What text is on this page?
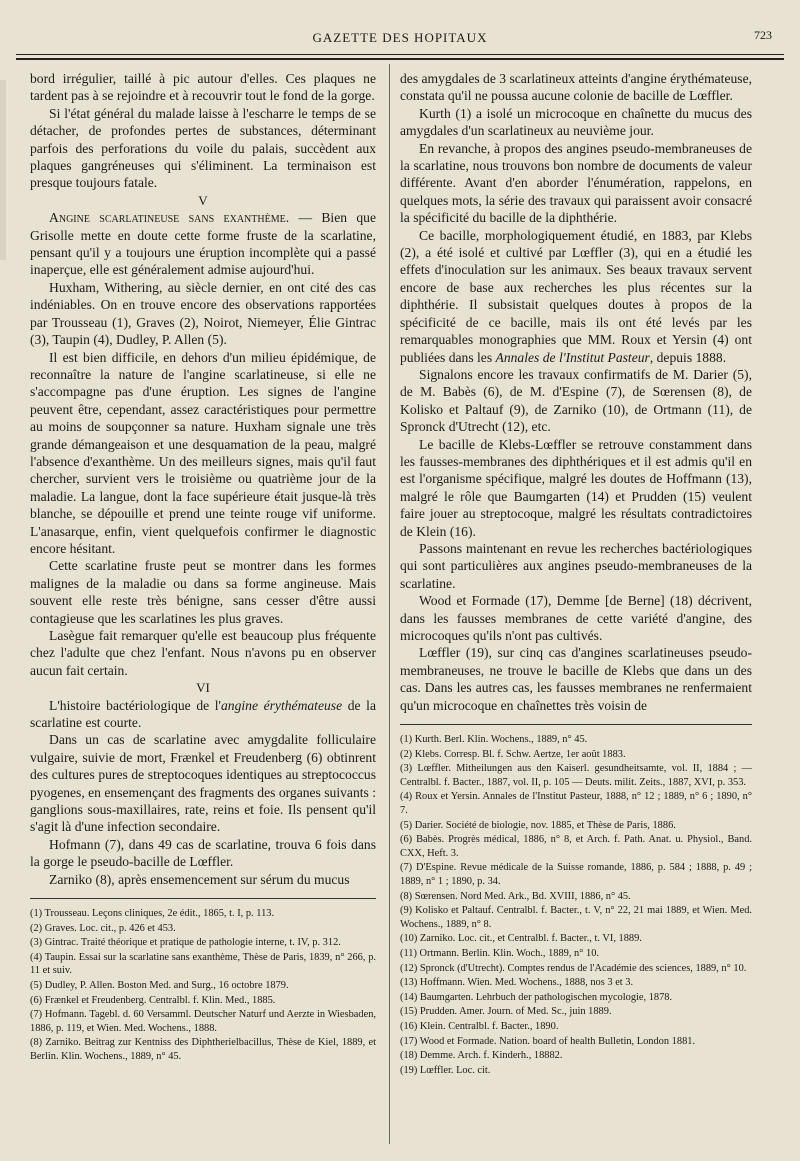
GAZETTE DES HOPITAUX	723

bord irrégulier, taillé à pic autour d'elles. Ces plaques ne tardent pas à se rejoindre et à recouvrir tout le fond de la gorge.

Si l'état général du malade laisse à l'escharre le temps de se détacher, de profondes pertes de substances, déterminant parfois des perforations du voile du palais, succèdent aux plaques gangréneuses qui s'éliminent. La terminaison est presque toujours fatale.

V

Angine scarlatineuse sans exanthème. — Bien que Grisolle mette en doute cette forme fruste de la scarlatine, pensant qu'il y a toujours une éruption incomplète qui a passé inaperçue, elle est généralement admise aujourd'hui.

Huxham, Withering, au siècle dernier, en ont cité des cas indéniables. On en trouve encore des observations rapportées par Trousseau (1), Graves (2), Noirot, Niemeyer, Élie Gintrac (3), Taupin (4), Dudley, P. Allen (5).

Il est bien difficile, en dehors d'un milieu épidémique, de reconnaître la nature de l'angine scarlatineuse, si elle ne s'accompagne pas d'une éruption. Les signes de l'angine peuvent être, cependant, assez caractéristiques pour permettre au moins de soupçonner sa nature. Huxham signale une très grande démangeaison et une desquamation de la peau, malgré l'absence d'exanthème. Un des meilleurs signes, mais qu'il faut chercher, survient vers le troisième ou quatrième jour de la maladie. La langue, dont la face supérieure était jusque-là très blanche, se dépouille et prend une teinte rouge vif uniforme. L'anasarque, enfin, vient quelquefois confirmer le diagnostic encore hésitant.

Cette scarlatine fruste peut se montrer dans les formes malignes de la maladie ou dans sa forme angineuse. Mais souvent elle reste très bénigne, sans cesser d'être aussi contagieuse que les scarlatines les plus graves.

Lasègue fait remarquer qu'elle est beaucoup plus fréquente chez l'adulte que chez l'enfant. Nous n'avons pu en observer aucun fait certain.

VI

L'histoire bactériologique de l'angine érythémateuse de la scarlatine est courte.

Dans un cas de scarlatine avec amygdalite folliculaire vulgaire, suivie de mort, Frænkel et Freudenberg (6) obtinrent des cultures pures de streptocoques identiques au streptococcus pyogenes, en ensemençant des fragments des organes suivants : ganglions sous-maxillaires, rate, reins et foie. Ils pensent qu'il s'agit là d'une infection secondaire.

Hofmann (7), dans 49 cas de scarlatine, trouva 6 fois dans la gorge le pseudo-bacille de Lœffler.

Zarniko (8), après ensemencement sur sérum du mucus

(1) Trousseau. Leçons cliniques, 2e édit., 1865, t. I, p. 113.

(2) Graves. Loc. cit., p. 426 et 453.

(3) Gintrac. Traité théorique et pratique de pathologie interne, t. IV, p. 312.

(4) Taupin. Essai sur la scarlatine sans exanthème, Thèse de Paris, 1839, n° 266, p. 11 et suiv.

(5) Dudley, P. Allen. Boston Med. and Surg., 16 octobre 1879.

(6) Frænkel et Freudenberg. Centralbl. f. Klin. Med., 1885.

(7) Hofmann. Tagebl. d. 60 Versamml. Deutscher Naturf und Aerzte in Wiesbaden, 1886, p. 119, et Wien. Med. Wochens., 1888.

(8) Zarniko. Beitrag zur Kentniss des Diphtherielbacillus, Thèse de Kiel, 1889, et Berlin. Klin. Wochens., 1889, n° 45.

des amygdales de 3 scarlatineux atteints d'angine érythémateuse, constata qu'il ne poussa aucune colonie de bacille de Lœffler.

Kurth (1) a isolé un microcoque en chaînette du mucus des amygdales d'un scarlatineux au neuvième jour.

En revanche, à propos des angines pseudo-membraneuses de la scarlatine, nous trouvons bon nombre de documents de valeur différente. Avant d'en aborder l'énumération, rappelons, en quelques mots, la série des travaux qui paraissent avoir consacré la spécificité du bacille de la diphthérie.

Ce bacille, morphologiquement étudié, en 1883, par Klebs (2), a été isolé et cultivé par Lœffler (3), qui en a étudié les effets d'inoculation sur les animaux. Ses beaux travaux servent encore de base aux recherches les plus récentes sur la diphthérie. Il subsistait quelques doutes à propos de la spécificité de ce bacille, mais ils ont été levés par les remarquables monographies que MM. Roux et Yersin (4) ont publiées dans les Annales de l'Institut Pasteur, depuis 1888.

Signalons encore les travaux confirmatifs de M. Darier (5), de M. Babès (6), de M. d'Espine (7), de Sœrensen (8), de Kolisko et Paltauf (9), de Zarniko (10), de Ortmann (11), de Spronck d'Utrecht (12), etc.

Le bacille de Klebs-Lœffler se retrouve constamment dans les fausses-membranes des diphthériques et il est admis qu'il en est l'organisme spécifique, malgré les doutes de Hoffmann (13), malgré le rôle que Baumgarten (14) et Prudden (15) veulent faire jouer au streptocoque, malgré les résultats contradictoires de Klein (16).

Passons maintenant en revue les recherches bactériologiques qui sont particulières aux angines pseudo-membraneuses de la scarlatine.

Wood et Formade (17), Demme [de Berne] (18) décrivent, dans les fausses membranes de cette variété d'angine, des microcoques qu'ils n'ont pas cultivés.

Lœffler (19), sur cinq cas d'angines scarlatineuses pseudo-membraneuses, ne trouve le bacille de Klebs que dans un des cas. Dans les autres cas, les fausses membranes ne renfermaient qu'un microcoque en chaînettes très voisin de

(1) Kurth. Berl. Klin. Wochens., 1889, n° 45.

(2) Klebs. Corresp. Bl. f. Schw. Aertze, 1er août 1883.

(3) Lœffler. Mitheilungen aus den Kaiserl. gesundheitsamte, vol. II, 1884 ; — Centralbl. f. Bacter., 1887, vol. II, p. 105 — Deuts. milit. Zeits., 1887, XVI, p. 353.

(4) Roux et Yersin. Annales de l'Institut Pasteur, 1888, n° 12 ; 1889, n° 6 ; 1890, n° 7.

(5) Darier. Société de biologie, nov. 1885, et Thèse de Paris, 1886.

(6) Babès. Progrès médical, 1886, n° 8, et Arch. f. Path. Anat. u. Physiol., Band. CXX, Heft. 3.

(7) D'Espine. Revue médicale de la Suisse romande, 1886, p. 584 ; 1888, p. 49 ; 1889, n° 1 ; 1890, p. 34.

(8) Sœrensen. Nord Med. Ark., Bd. XVIII, 1886, n° 45.

(9) Kolisko et Paltauf. Centralbl. f. Bacter., t. V, n° 22, 21 mai 1889, et Wien. Med. Wochens., 1889, n° 8.

(10) Zarniko. Loc. cit., et Centralbl. f. Bacter., t. VI, 1889.

(11) Ortmann. Berlin. Klin. Woch., 1889, n° 10.

(12) Spronck (d'Utrecht). Comptes rendus de l'Académie des sciences, 1889, n° 10.

(13) Hoffmann. Wien. Med. Wochens., 1888, nos 3 et 3.

(14) Baumgarten. Lehrbuch der pathologischen mycologie, 1878.

(15) Prudden. Amer. Journ. of Med. Sc., juin 1889.

(16) Klein. Centralbl. f. Bacter., 1890.

(17) Wood et Formade. Nation. board of health Bulletin, London 1881.

(18) Demme. Arch. f. Kinderh., 18882.

(19) Lœffler. Loc. cit.
